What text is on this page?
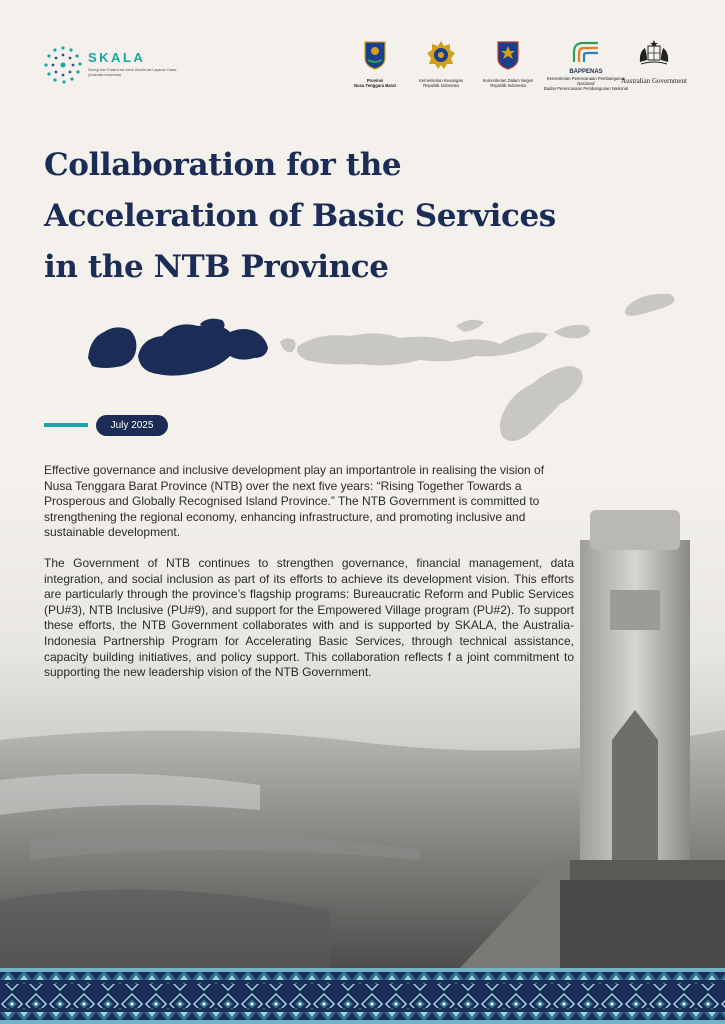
SKALA
Sinergi dan Kolaborasi untuk Akselerasi Layanan Dasar (Australia-Indonesia)
Provinsi
Nusa Tenggara Barat
Kementerian Keuangan
Republik Indonesia
Kementerian Dalam Negeri
Republik Indonesia
BAPPENAS
Kementerian Perencanaan Pembangunan Nasional/
Badan Perencanaan Pembangunan Nasional
Australian Government
Collaboration for the
Acceleration of Basic Services
in the NTB Province
July 2025

Effective governance and inclusive development play an importantrole in realising the vision of Nusa Tenggara Barat Province (NTB) over the next five years: “Rising Together Towards a Prosperous and Globally Recognised Island Province.” The NTB Government is committed to strengthening the regional economy, enhancing infrastructure, and promoting inclusive and sustainable development.

The Government of NTB continues to strengthen governance, financial management, data integration, and social inclusion as part of its efforts to achieve its development vision. This efforts are particularly through the province’s flagship programs: Bureaucratic Reform and Public Services (PU#3), NTB Inclusive (PU#9), and support for the Empowered Village program (PU#2). To support these efforts, the NTB Government collaborates with and is supported by SKALA, the Australia-Indonesia Partnership Program for Accelerating Basic Services, through technical assistance, capacity building initiatives, and policy support. This collaboration reflects f a joint commitment to supporting the new leadership vision of the NTB Government.
